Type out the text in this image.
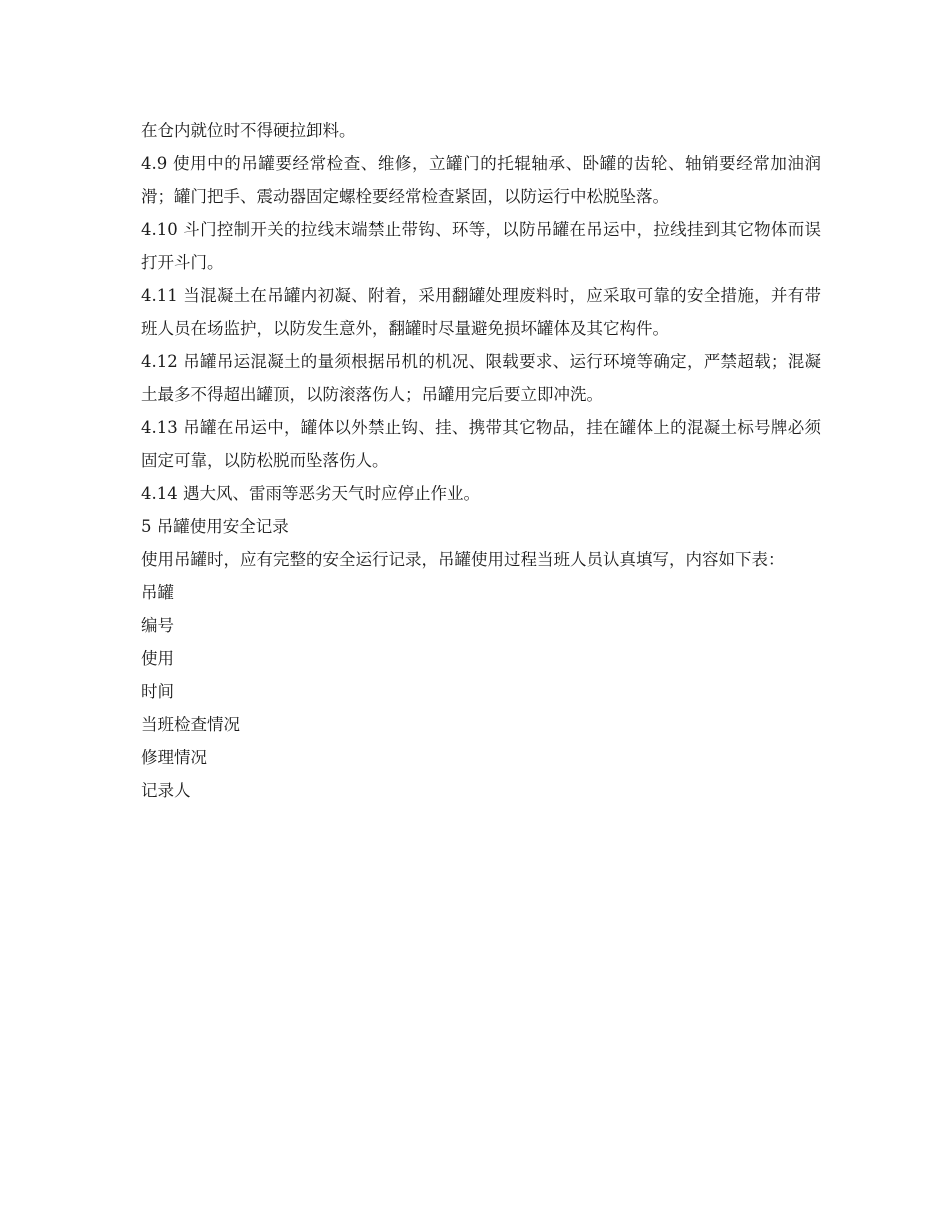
在仓内就位时不得硬拉卸料。

4.9 使用中的吊罐要经常检查、维修，立罐门的托辊轴承、卧罐的齿轮、轴销要经常加油润滑；罐门把手、震动器固定螺栓要经常检查紧固，以防运行中松脱坠落。

4.10 斗门控制开关的拉线末端禁止带钩、环等，以防吊罐在吊运中，拉线挂到其它物体而误打开斗门。

4.11 当混凝土在吊罐内初凝、附着，采用翻罐处理废料时，应采取可靠的安全措施，并有带班人员在场监护，以防发生意外，翻罐时尽量避免损坏罐体及其它构件。

4.12 吊罐吊运混凝土的量须根据吊机的机况、限载要求、运行环境等确定，严禁超载；混凝土最多不得超出罐顶，以防滚落伤人；吊罐用完后要立即冲洗。

4.13 吊罐在吊运中，罐体以外禁止钩、挂、携带其它物品，挂在罐体上的混凝土标号牌必须固定可靠，以防松脱而坠落伤人。

4.14 遇大风、雷雨等恶劣天气时应停止作业。

5 吊罐使用安全记录

使用吊罐时，应有完整的安全运行记录，吊罐使用过程当班人员认真填写，内容如下表：

吊罐

编号

使用

时间

当班检查情况

修理情况

记录人
